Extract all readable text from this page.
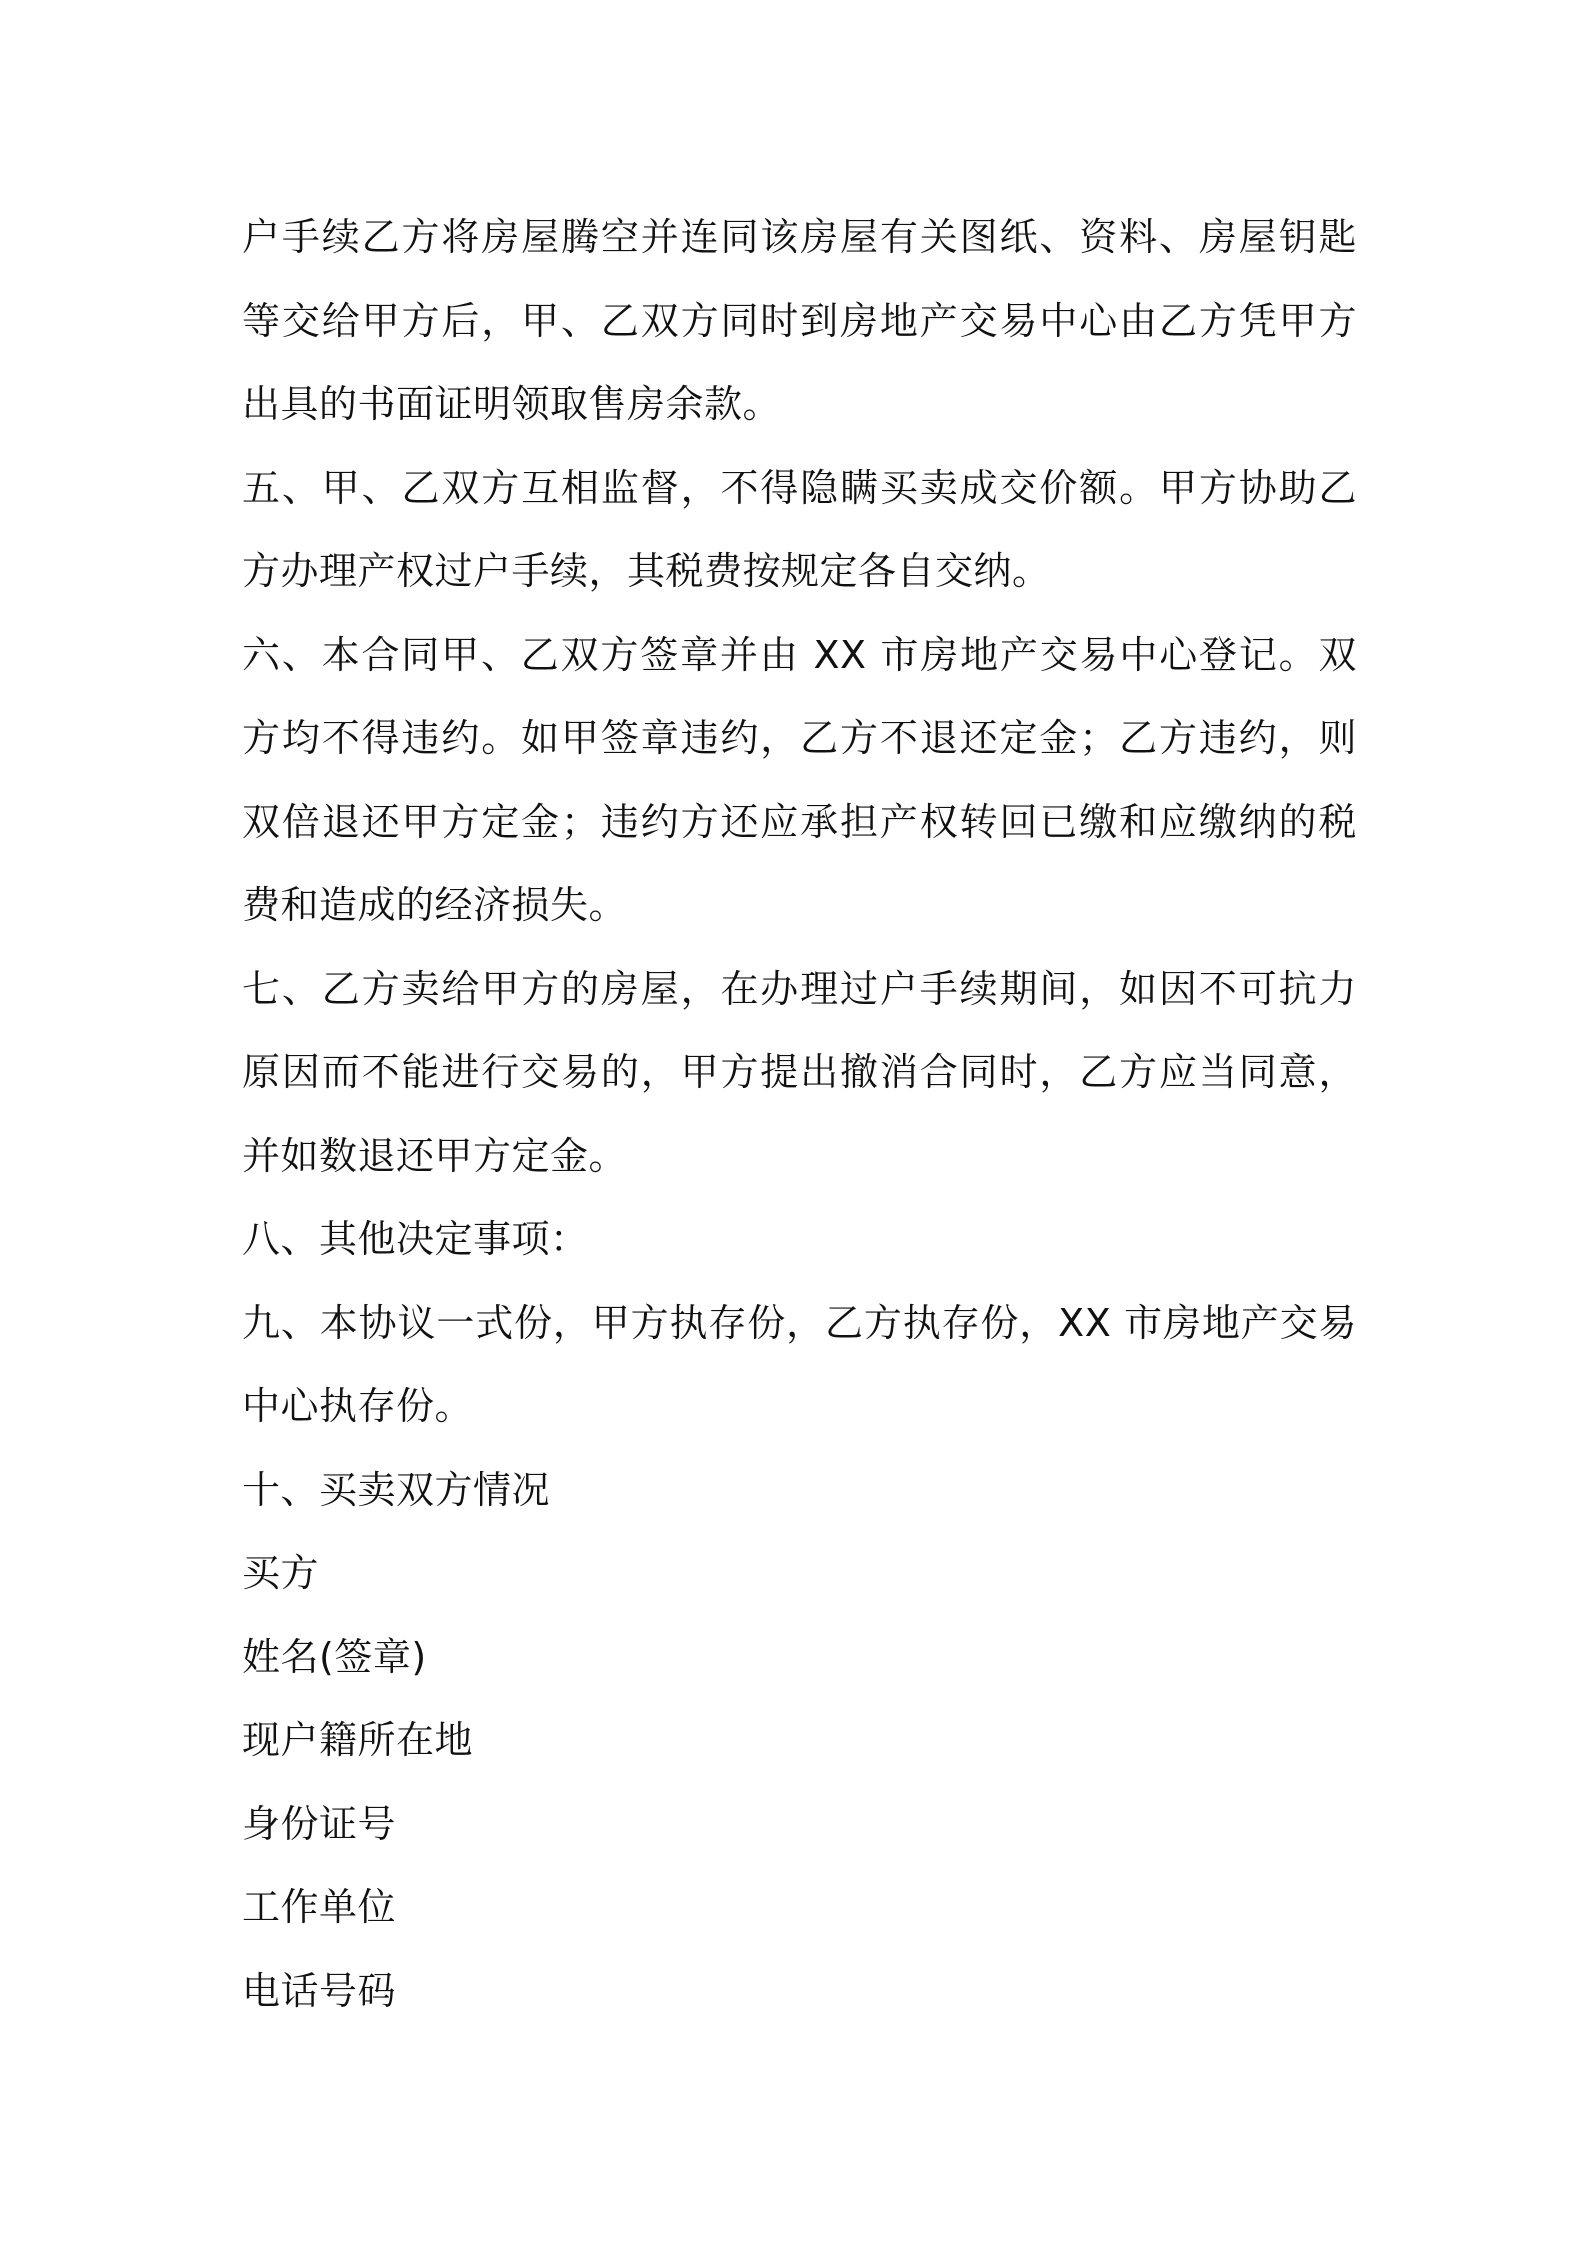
户手续乙方将房屋腾空并连同该房屋有关图纸、资料、房屋钥匙等交给甲方后，甲、乙双方同时到房地产交易中心由乙方凭甲方出具的书面证明领取售房余款。

五、甲、乙双方互相监督，不得隐瞒买卖成交价额。甲方协助乙方办理产权过户手续，其税费按规定各自交纳。

六、本合同甲、乙双方签章并由 XX 市房地产交易中心登记。双方均不得违约。如甲签章违约，乙方不退还定金；乙方违约，则双倍退还甲方定金；违约方还应承担产权转回已缴和应缴纳的税费和造成的经济损失。

七、乙方卖给甲方的房屋，在办理过户手续期间，如因不可抗力原因而不能进行交易的，甲方提出撤消合同时，乙方应当同意，并如数退还甲方定金。

八、其他决定事项：

九、本协议一式份，甲方执存份，乙方执存份，XX 市房地产交易中心执存份。

十、买卖双方情况

买方

姓名(签章)

现户籍所在地

身份证号

工作单位

电话号码
